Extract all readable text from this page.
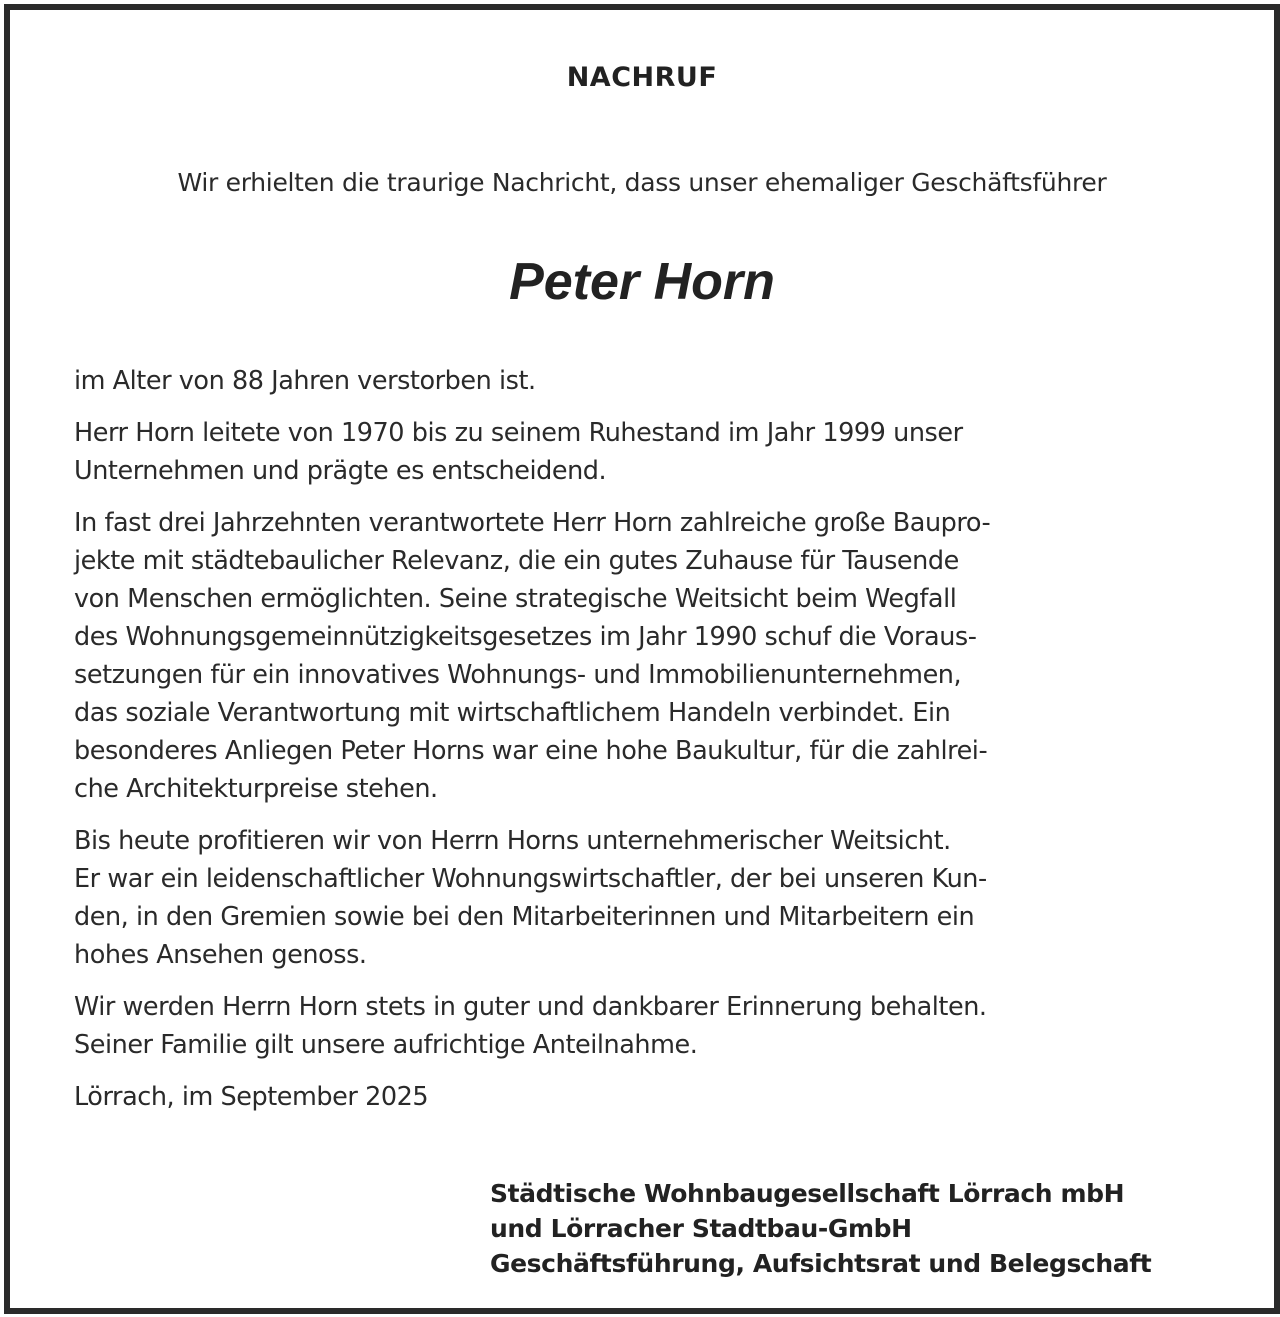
NACHRUF
Wir erhielten die traurige Nachricht, dass unser ehemaliger Geschäftsführer
Peter Horn
im Alter von 88 Jahren verstorben ist.
Herr Horn leitete von 1970 bis zu seinem Ruhestand im Jahr 1999 unser
Unternehmen und prägte es entscheidend.
In fast drei Jahrzehnten verantwortete Herr Horn zahlreiche große Baupro-
jekte mit städtebaulicher Relevanz, die ein gutes Zuhause für Tausende
von Menschen ermöglichten. Seine strategische Weitsicht beim Wegfall
des Wohnungsgemeinnützigkeitsgesetzes im Jahr 1990 schuf die Voraus-
setzungen für ein innovatives Wohnungs- und Immobilienunternehmen,
das soziale Verantwortung mit wirtschaftlichem Handeln verbindet. Ein
besonderes Anliegen Peter Horns war eine hohe Baukultur, für die zahlrei-
che Architekturpreise stehen.
Bis heute profitieren wir von Herrn Horns unternehmerischer Weitsicht.
Er war ein leidenschaftlicher Wohnungswirtschaftler, der bei unseren Kun-
den, in den Gremien sowie bei den Mitarbeiterinnen und Mitarbeitern ein
hohes Ansehen genoss.
Wir werden Herrn Horn stets in guter und dankbarer Erinnerung behalten.
Seiner Familie gilt unsere aufrichtige Anteilnahme.
Lörrach, im September 2025
Städtische Wohnbaugesellschaft Lörrach mbH
und Lörracher Stadtbau-GmbH
Geschäftsführung, Aufsichtsrat und Belegschaft
